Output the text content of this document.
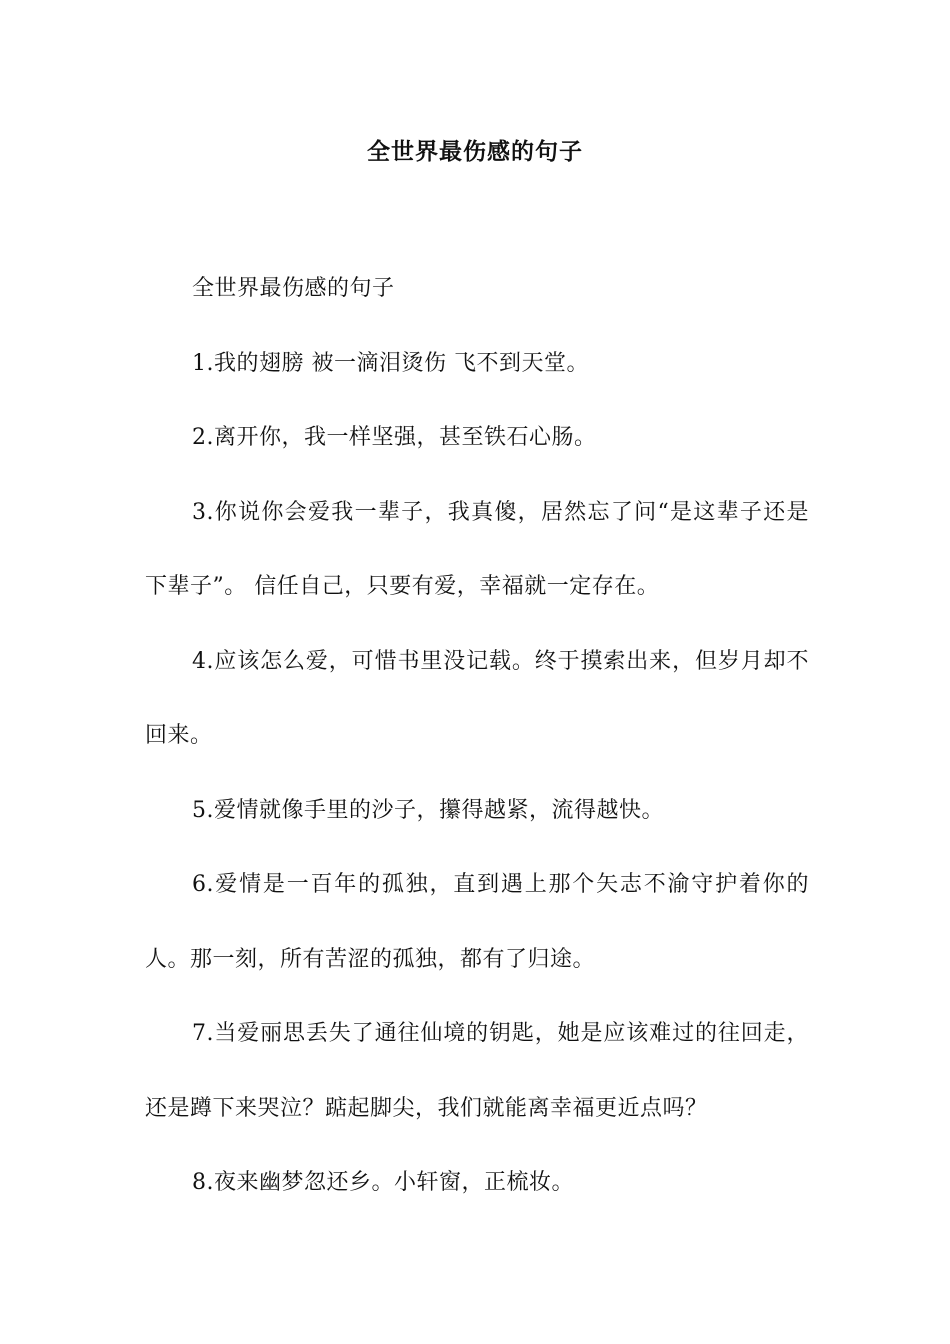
全世界最伤感的句子

全世界最伤感的句子

1.我的翅膀 被一滴泪烫伤 飞不到天堂。

2.离开你，我一样坚强，甚至铁石心肠。

3.你说你会爱我一辈子，我真傻，居然忘了问“是这辈子还是下辈子”。 信任自己，只要有爱，幸福就一定存在。

4.应该怎么爱，可惜书里没记载。终于摸索出来，但岁月却不回来。

5.爱情就像手里的沙子，攥得越紧，流得越快。

6.爱情是一百年的孤独，直到遇上那个矢志不渝守护着你的人。那一刻，所有苦涩的孤独，都有了归途。

7.当爱丽思丢失了通往仙境的钥匙，她是应该难过的往回走，还是蹲下来哭泣？踮起脚尖，我们就能离幸福更近点吗？

8.夜来幽梦忽还乡。小轩窗，正梳妆。
